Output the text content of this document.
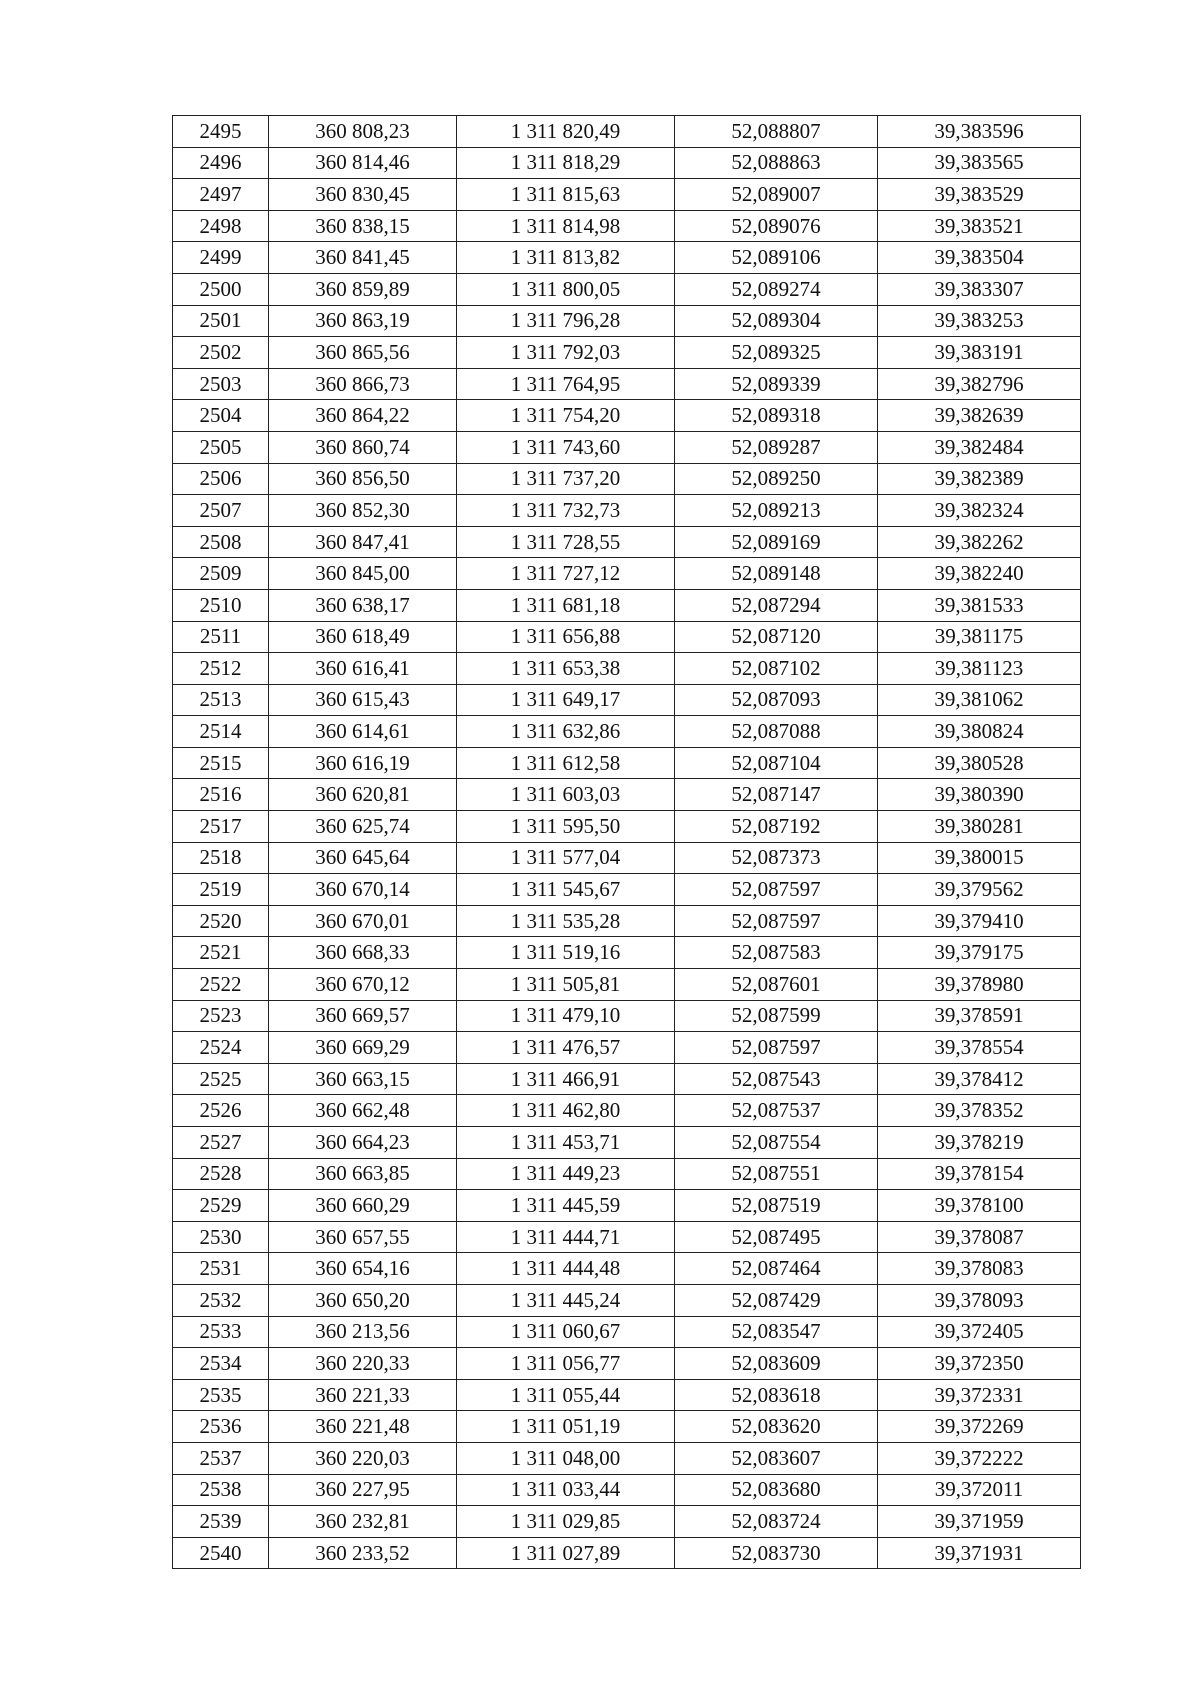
2495	360 808,23	1 311 820,49	52,088807	39,383596
2496	360 814,46	1 311 818,29	52,088863	39,383565
2497	360 830,45	1 311 815,63	52,089007	39,383529
2498	360 838,15	1 311 814,98	52,089076	39,383521
2499	360 841,45	1 311 813,82	52,089106	39,383504
2500	360 859,89	1 311 800,05	52,089274	39,383307
2501	360 863,19	1 311 796,28	52,089304	39,383253
2502	360 865,56	1 311 792,03	52,089325	39,383191
2503	360 866,73	1 311 764,95	52,089339	39,382796
2504	360 864,22	1 311 754,20	52,089318	39,382639
2505	360 860,74	1 311 743,60	52,089287	39,382484
2506	360 856,50	1 311 737,20	52,089250	39,382389
2507	360 852,30	1 311 732,73	52,089213	39,382324
2508	360 847,41	1 311 728,55	52,089169	39,382262
2509	360 845,00	1 311 727,12	52,089148	39,382240
2510	360 638,17	1 311 681,18	52,087294	39,381533
2511	360 618,49	1 311 656,88	52,087120	39,381175
2512	360 616,41	1 311 653,38	52,087102	39,381123
2513	360 615,43	1 311 649,17	52,087093	39,381062
2514	360 614,61	1 311 632,86	52,087088	39,380824
2515	360 616,19	1 311 612,58	52,087104	39,380528
2516	360 620,81	1 311 603,03	52,087147	39,380390
2517	360 625,74	1 311 595,50	52,087192	39,380281
2518	360 645,64	1 311 577,04	52,087373	39,380015
2519	360 670,14	1 311 545,67	52,087597	39,379562
2520	360 670,01	1 311 535,28	52,087597	39,379410
2521	360 668,33	1 311 519,16	52,087583	39,379175
2522	360 670,12	1 311 505,81	52,087601	39,378980
2523	360 669,57	1 311 479,10	52,087599	39,378591
2524	360 669,29	1 311 476,57	52,087597	39,378554
2525	360 663,15	1 311 466,91	52,087543	39,378412
2526	360 662,48	1 311 462,80	52,087537	39,378352
2527	360 664,23	1 311 453,71	52,087554	39,378219
2528	360 663,85	1 311 449,23	52,087551	39,378154
2529	360 660,29	1 311 445,59	52,087519	39,378100
2530	360 657,55	1 311 444,71	52,087495	39,378087
2531	360 654,16	1 311 444,48	52,087464	39,378083
2532	360 650,20	1 311 445,24	52,087429	39,378093
2533	360 213,56	1 311 060,67	52,083547	39,372405
2534	360 220,33	1 311 056,77	52,083609	39,372350
2535	360 221,33	1 311 055,44	52,083618	39,372331
2536	360 221,48	1 311 051,19	52,083620	39,372269
2537	360 220,03	1 311 048,00	52,083607	39,372222
2538	360 227,95	1 311 033,44	52,083680	39,372011
2539	360 232,81	1 311 029,85	52,083724	39,371959
2540	360 233,52	1 311 027,89	52,083730	39,371931
